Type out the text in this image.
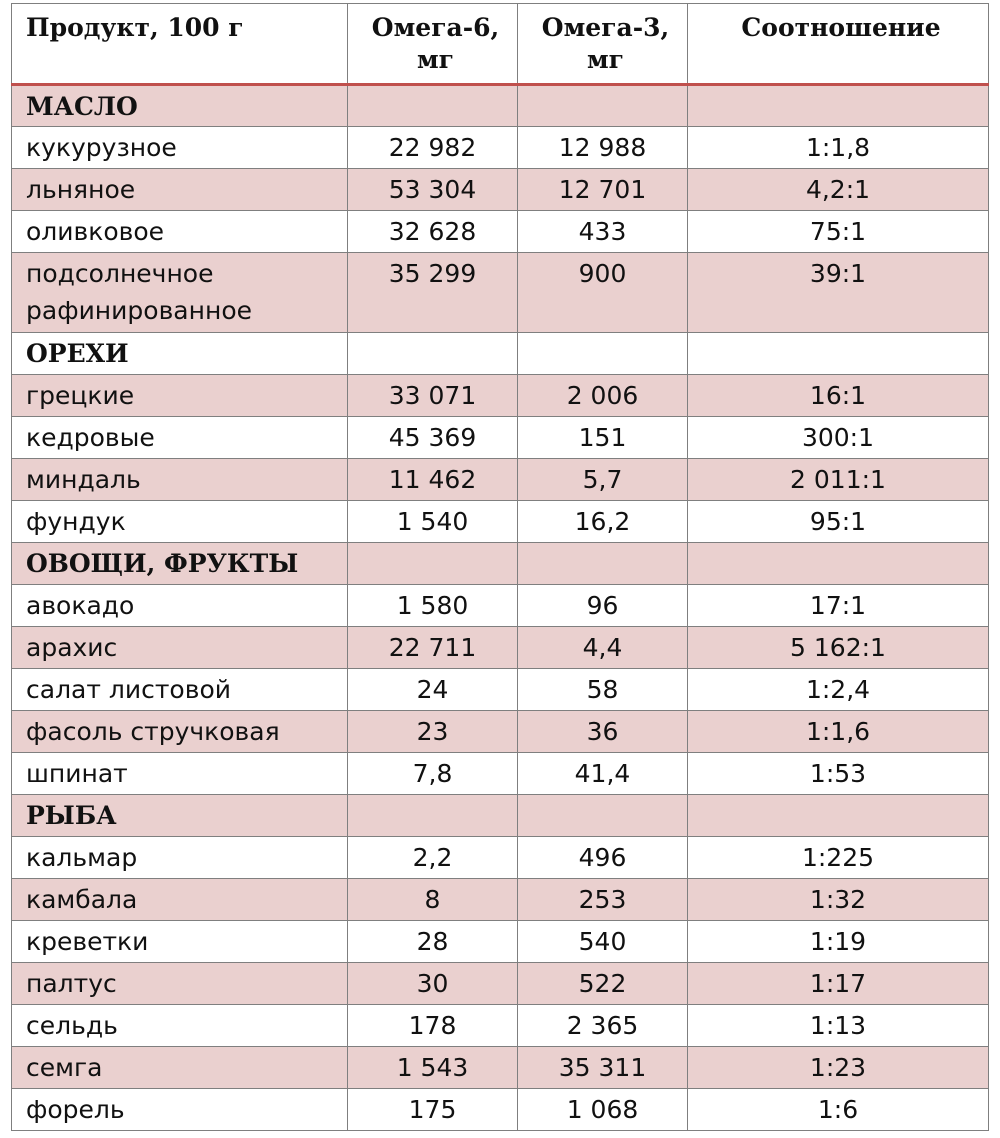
Продукт, 100 г	Омега-6, мг	Омега-3, мг	Соотношение
МАСЛО			
кукурузное	22 982	12 988	1:1,8
льняное	53 304	12 701	4,2:1
оливковое	32 628	433	75:1
подсолнечное рафинированное	35 299	900	39:1
ОРЕХИ			
грецкие	33 071	2 006	16:1
кедровые	45 369	151	300:1
миндаль	11 462	5,7	2 011:1
фундук	1 540	16,2	95:1
ОВОЩИ, ФРУКТЫ			
авокадо	1 580	96	17:1
арахис	22 711	4,4	5 162:1
салат листовой	24	58	1:2,4
фасоль стручковая	23	36	1:1,6
шпинат	7,8	41,4	1:53
РЫБА			
кальмар	2,2	496	1:225
камбала	8	253	1:32
креветки	28	540	1:19
палтус	30	522	1:17
сельдь	178	2 365	1:13
семга	1 543	35 311	1:23
форель	175	1 068	1:6
